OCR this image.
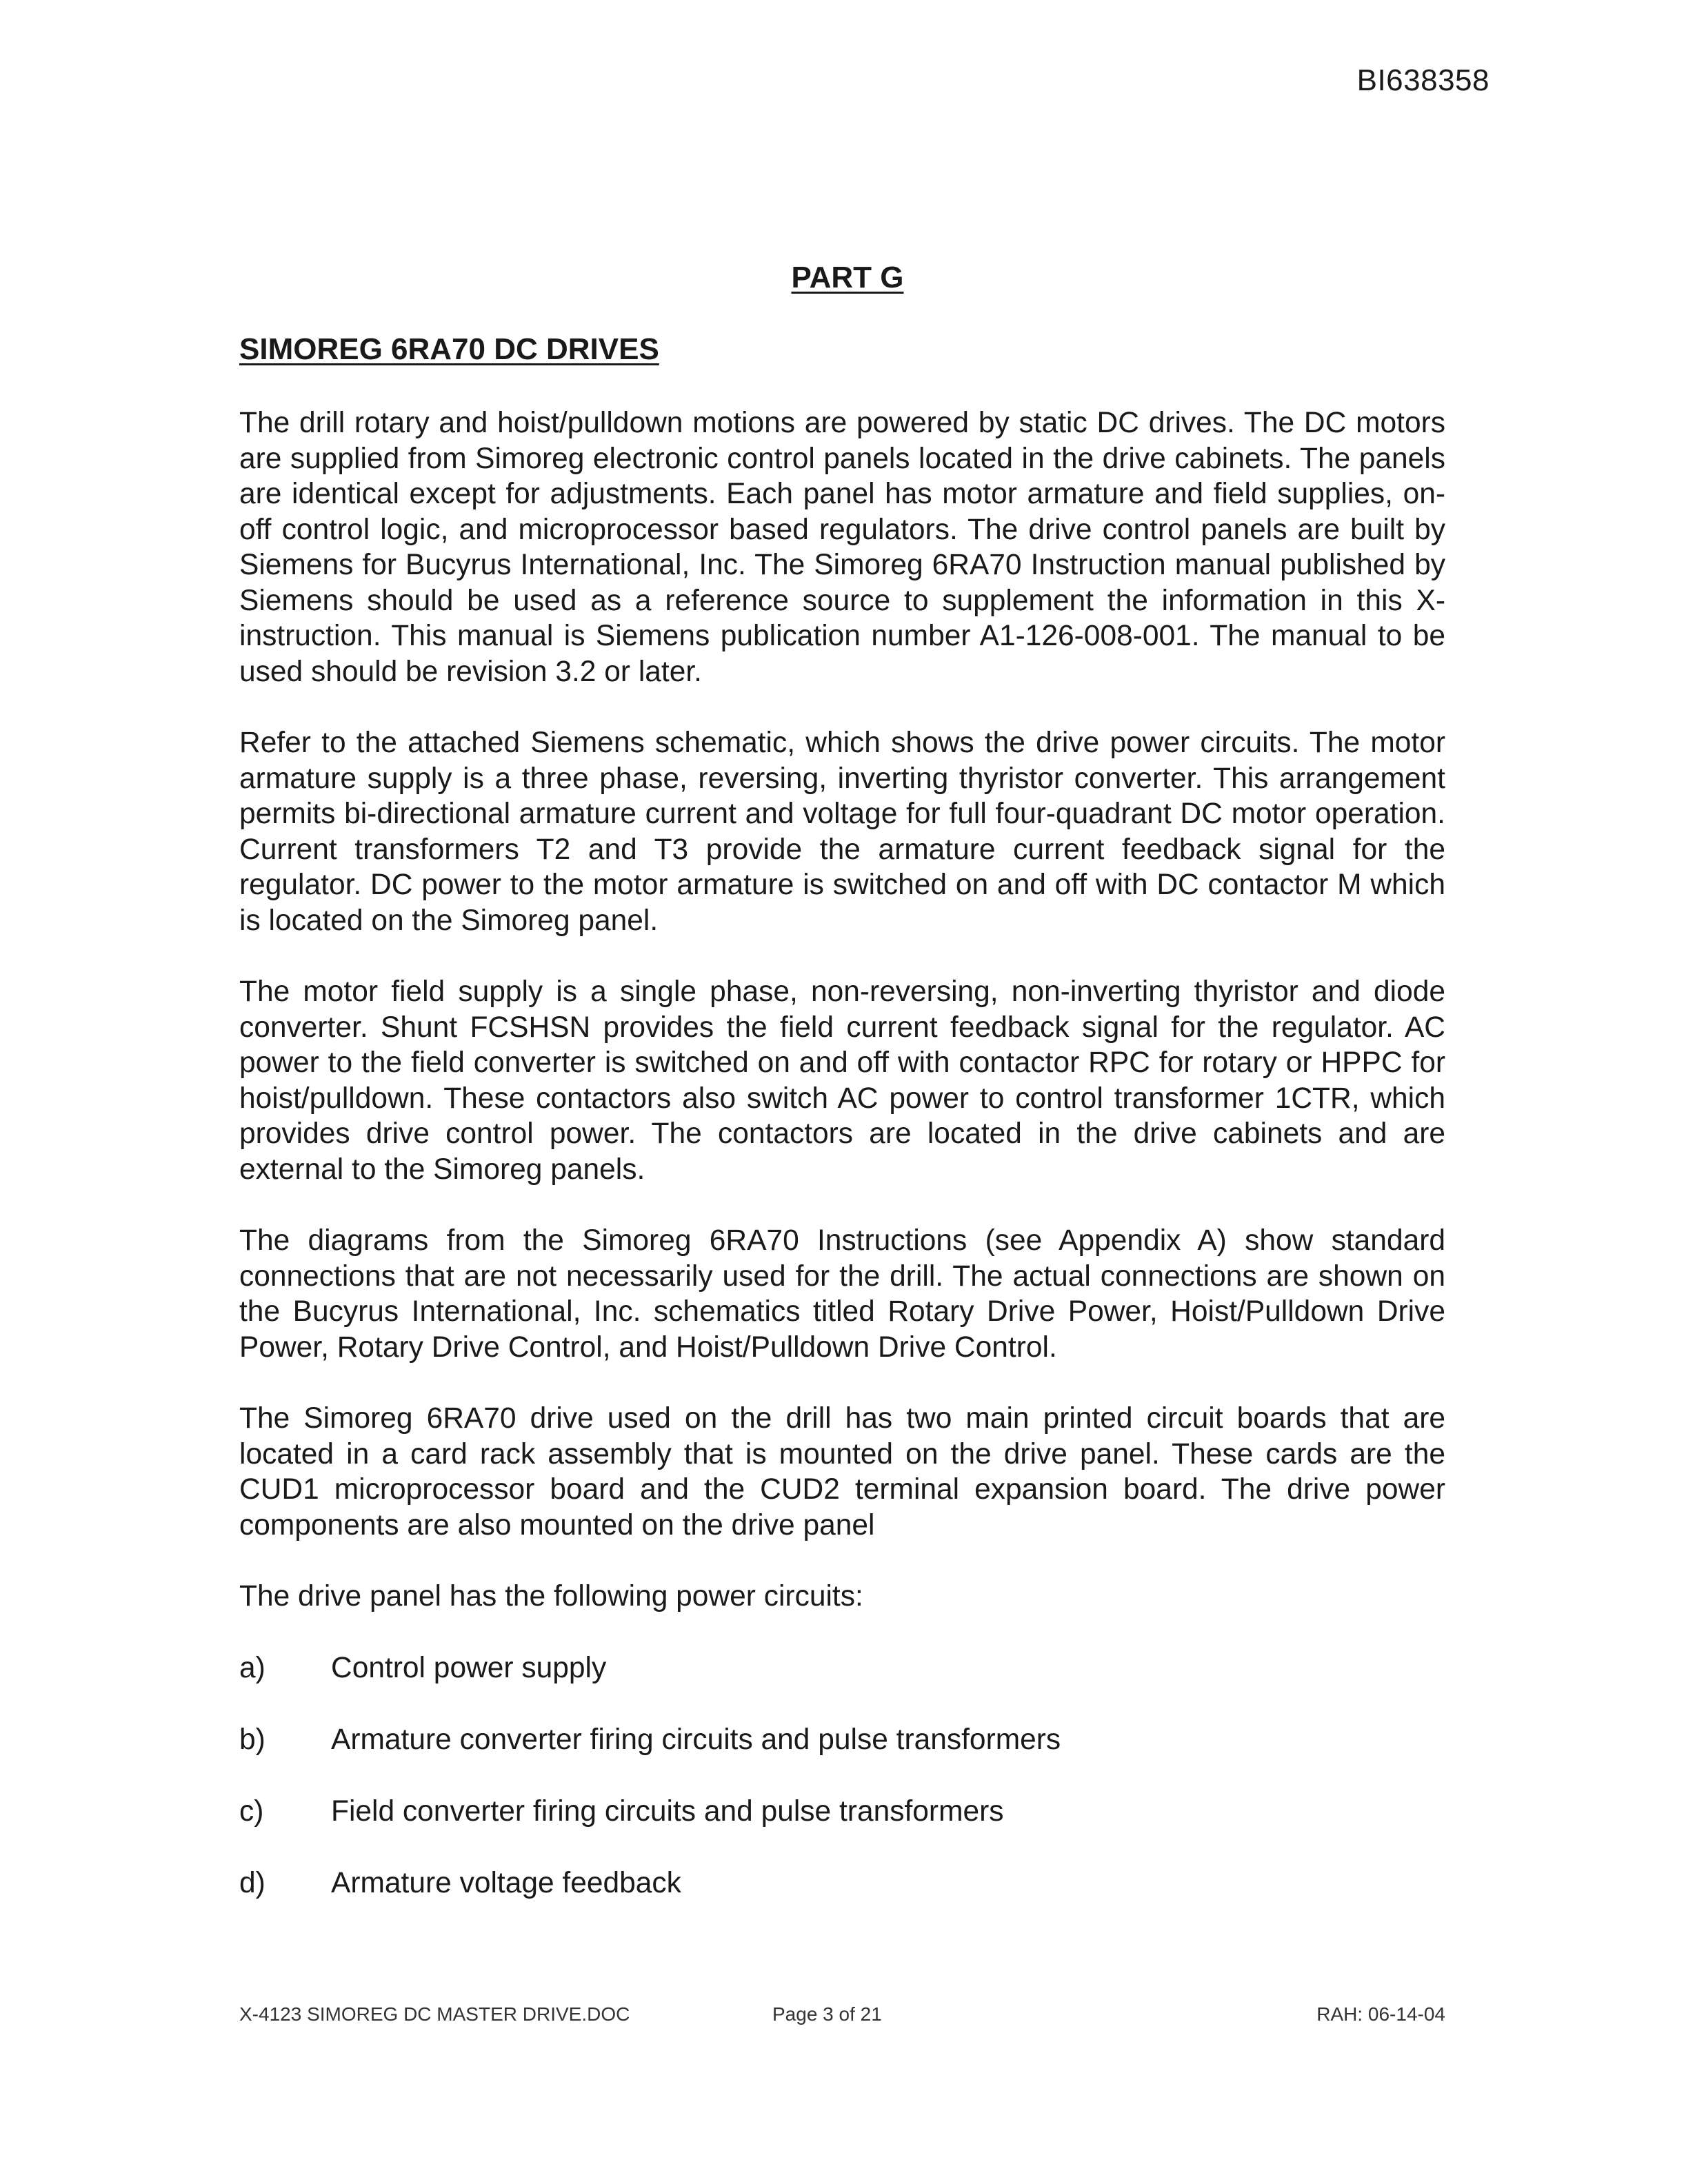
BI638358
PART G
SIMOREG 6RA70 DC DRIVES

The drill rotary and hoist/pulldown motions are powered by static DC drives. The DC motors are supplied from Simoreg electronic control panels located in the drive cabinets. The panels are identical except for adjustments. Each panel has motor armature and field supplies, on-off control logic, and microprocessor based regulators. The drive control panels are built by Siemens for Bucyrus International, Inc. The Simoreg 6RA70 Instruction manual published by Siemens should be used as a reference source to supplement the information in this X-instruction. This manual is Siemens publication number A1-126-008-001. The manual to be used should be revision 3.2 or later.

Refer to the attached Siemens schematic, which shows the drive power circuits. The motor armature supply is a three phase, reversing, inverting thyristor converter. This arrangement permits bi-directional armature current and voltage for full four-quadrant DC motor operation. Current transformers T2 and T3 provide the armature current feedback signal for the regulator. DC power to the motor armature is switched on and off with DC contactor M which is located on the Simoreg panel.

The motor field supply is a single phase, non-reversing, non-inverting thyristor and diode converter. Shunt FCSHSN provides the field current feedback signal for the regulator. AC power to the field converter is switched on and off with contactor RPC for rotary or HPPC for hoist/pulldown. These contactors also switch AC power to control transformer 1CTR, which provides drive control power. The contactors are located in the drive cabinets and are external to the Simoreg panels.

The diagrams from the Simoreg 6RA70 Instructions (see Appendix A) show standard connections that are not necessarily used for the drill. The actual connections are shown on the Bucyrus International, Inc. schematics titled Rotary Drive Power, Hoist/Pulldown Drive Power, Rotary Drive Control, and Hoist/Pulldown Drive Control.

The Simoreg 6RA70 drive used on the drill has two main printed circuit boards that are located in a card rack assembly that is mounted on the drive panel. These cards are the CUD1 microprocessor board and the CUD2 terminal expansion board. The drive power components are also mounted on the drive panel

The drive panel has the following power circuits:

a)	Control power supply
b)	Armature converter firing circuits and pulse transformers
c)	Field converter firing circuits and pulse transformers
d)	Armature voltage feedback
X-4123 SIMOREG DC MASTER DRIVE.DOC	Page 3 of 21	RAH: 06-14-04
